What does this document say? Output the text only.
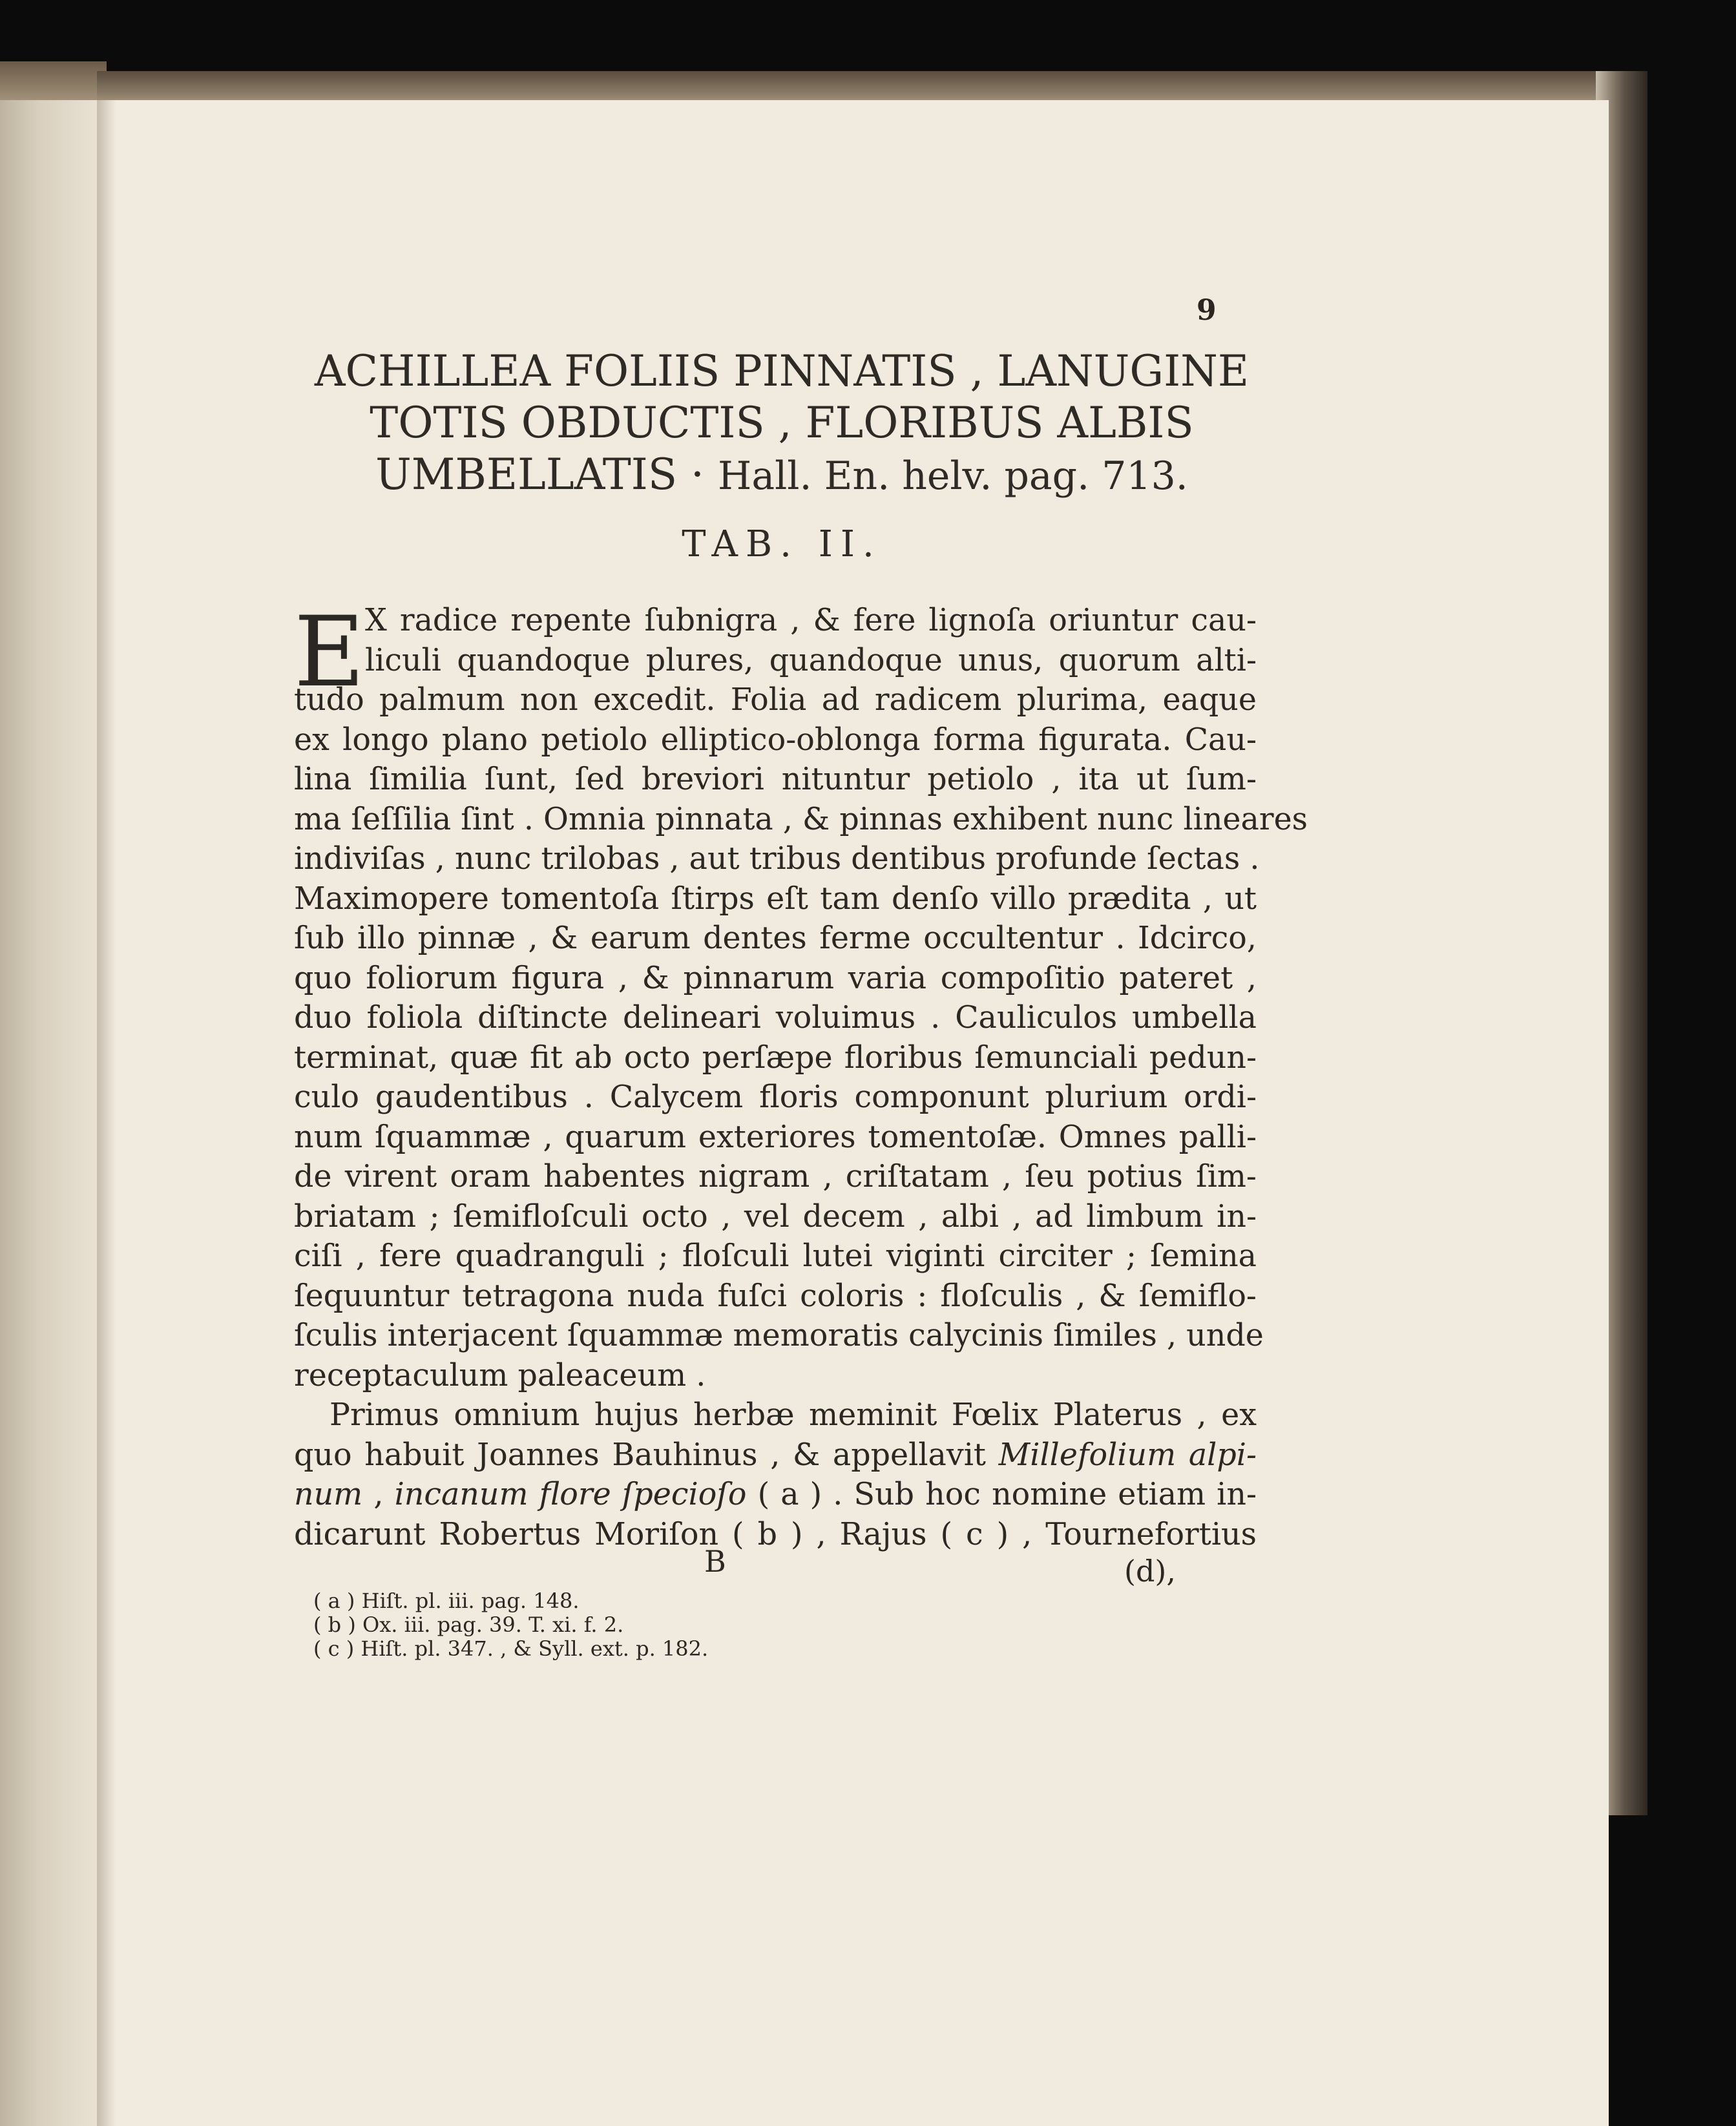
9
ACHILLEA FOLIIS PINNATIS , LANUGINE
TOTIS OBDUCTIS , FLORIBUS ALBIS
UMBELLATIS · Hall. En. helv. pag. 713.
TAB. II.
E X radice repente ſubnigra , & fere lignoſa oriuntur cau-
liculi quandoque plures, quandoque unus, quorum alti-
tudo palmum non excedit. Folia ad radicem plurima, eaque
ex longo plano petiolo elliptico-oblonga forma figurata. Cau-
lina ſimilia ſunt, ſed breviori nituntur petiolo , ita ut ſum-
ma ſeſſilia ſint . Omnia pinnata , & pinnas exhibent nunc lineares
indiviſas , nunc trilobas , aut tribus dentibus profunde ſectas .
Maximopere tomentoſa ſtirps eſt tam denſo villo prædita , ut
ſub illo pinnæ , & earum dentes ferme occultentur . Idcirco,
quo foliorum figura , & pinnarum varia compoſitio pateret ,
duo foliola diſtincte delineari voluimus . Cauliculos umbella
terminat, quæ fit ab octo perſæpe floribus ſemunciali pedun-
culo gaudentibus . Calycem floris componunt plurium ordi-
num ſquammæ , quarum exteriores tomentoſæ. Omnes palli-
de virent oram habentes nigram , criſtatam , ſeu potius ſim-
briatam ; ſemifloſculi octo , vel decem , albi , ad limbum in-
ciſi , fere quadranguli ; floſculi lutei viginti circiter ; ſemina
ſequuntur tetragona nuda fuſci coloris : floſculis , & ſemiflo-
ſculis interjacent ſquammæ memoratis calycinis ſimiles , unde
receptaculum paleaceum .
Primus omnium hujus herbæ meminit Fœlix Platerus , ex
quo habuit Joannes Bauhinus , & appellavit Millefolium alpi-
num , incanum flore ſpecioſo ( a ) . Sub hoc nomine etiam in-
dicarunt Robertus Moriſon ( b ) , Rajus ( c ) , Tournefortius
B	(d),
( a ) Hiſt. pl. iii. pag. 148.
( b ) Ox. iii. pag. 39. T. xi. f. 2.
( c ) Hiſt. pl. 347. , & Syll. ext. p. 182.
